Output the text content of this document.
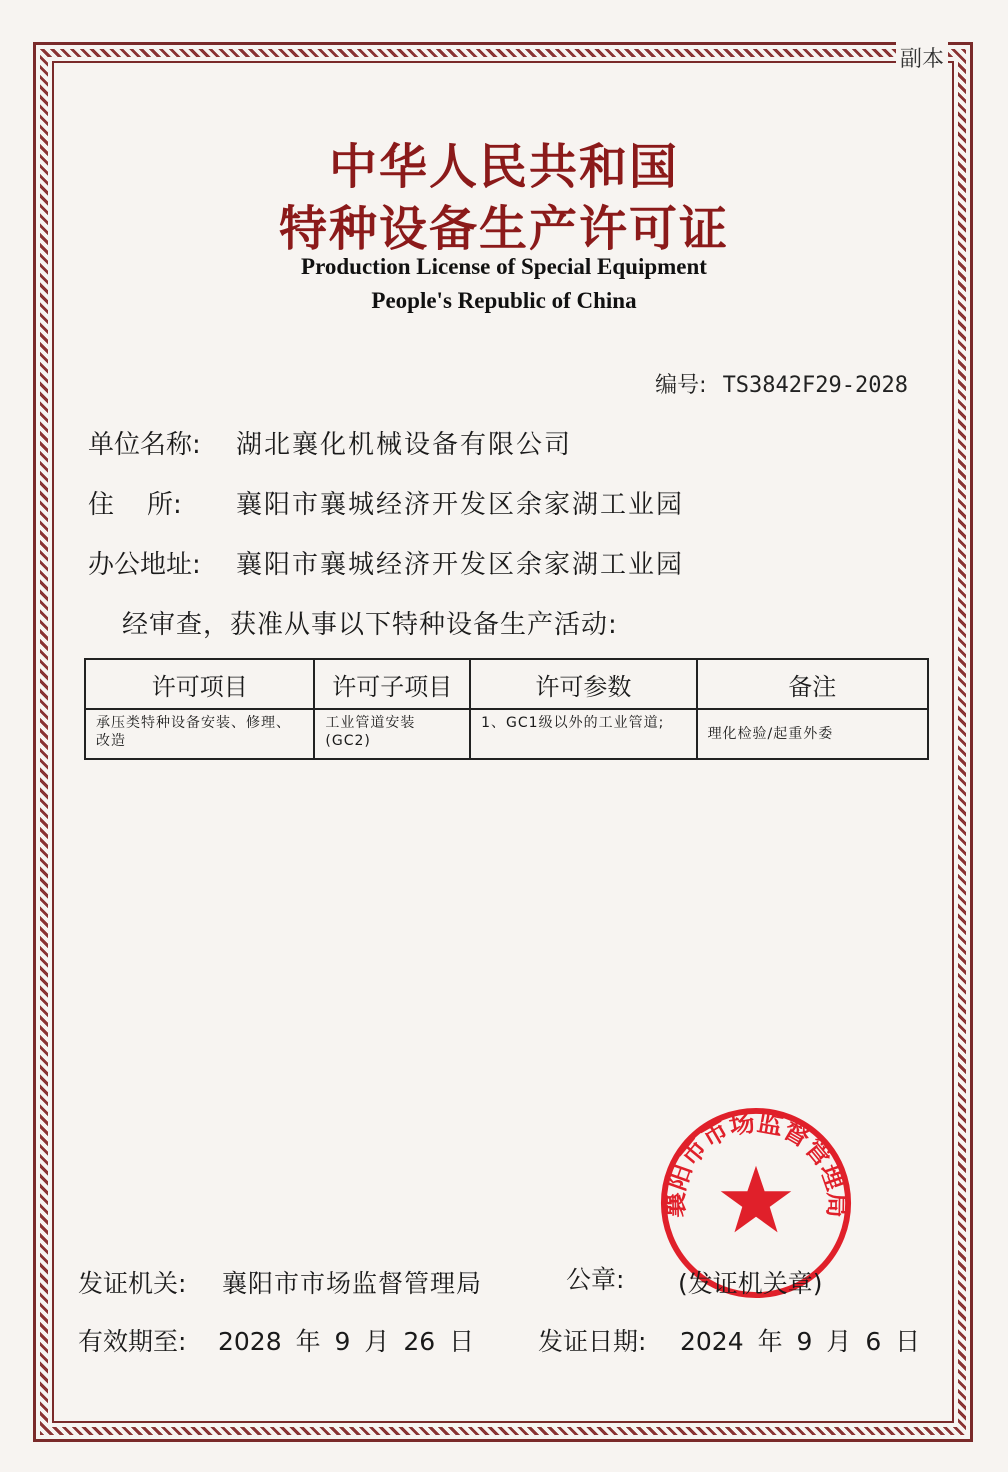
副本
中华人民共和国
特种设备生产许可证
Production License of Special Equipment
People's Republic of China
编号: TS3842F29-2028
单位名称: 湖北襄化机械设备有限公司
住    所: 襄阳市襄城经济开发区余家湖工业园
办公地址: 襄阳市襄城经济开发区余家湖工业园
经审查，获准从事以下特种设备生产活动:
许可项目	许可子项目	许可参数	备注
承压类特种设备安装、修理、改造	工业管道安装(GC2)	1、GC1级以外的工业管道;	理化检验/起重外委
襄阳市市场监督管理局
发证机关: 襄阳市市场监督管理局	公章: (发证机关章)
有效期至: 2028 年 9 月 26 日	发证日期: 2024 年 9 月 6 日
